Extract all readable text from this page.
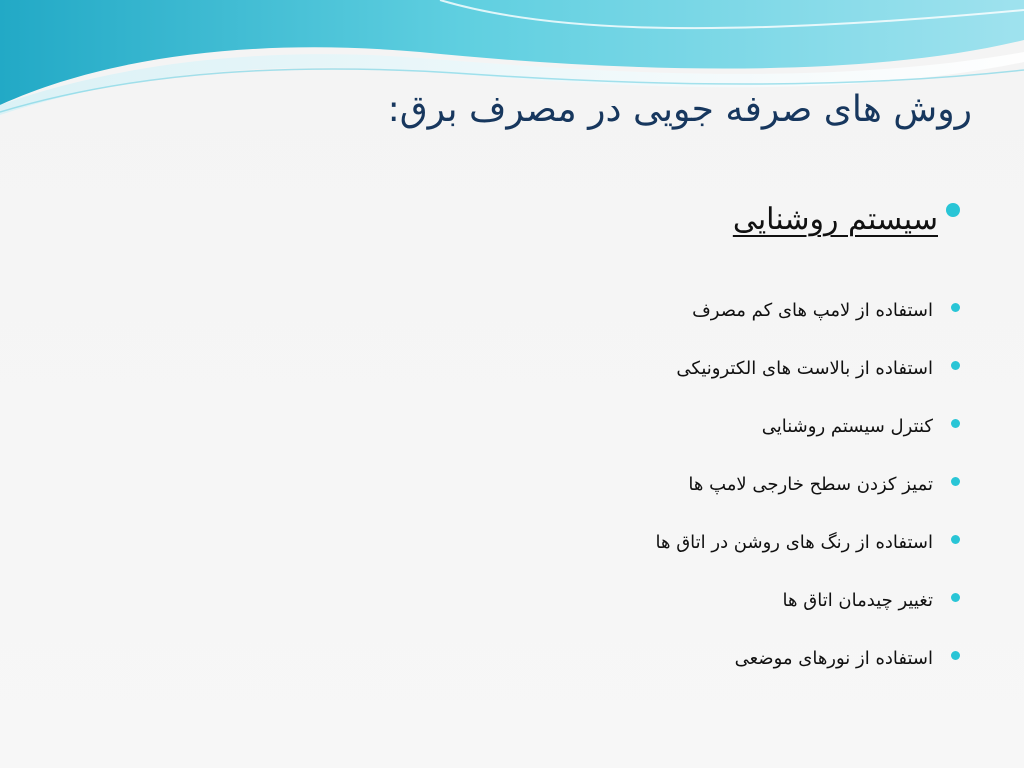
روش های صرفه جویی در مصرف برق:
سیستم روشنایی
استفاده از لامپ های کم مصرف
استفاده از بالاست های الکترونیکی
کنترل سیستم روشنایی
تمیز کزدن سطح خارجی لامپ ها
استفاده از رنگ های روشن در اتاق ها
تغییر چیدمان اتاق ها
استفاده از نورهای موضعی
